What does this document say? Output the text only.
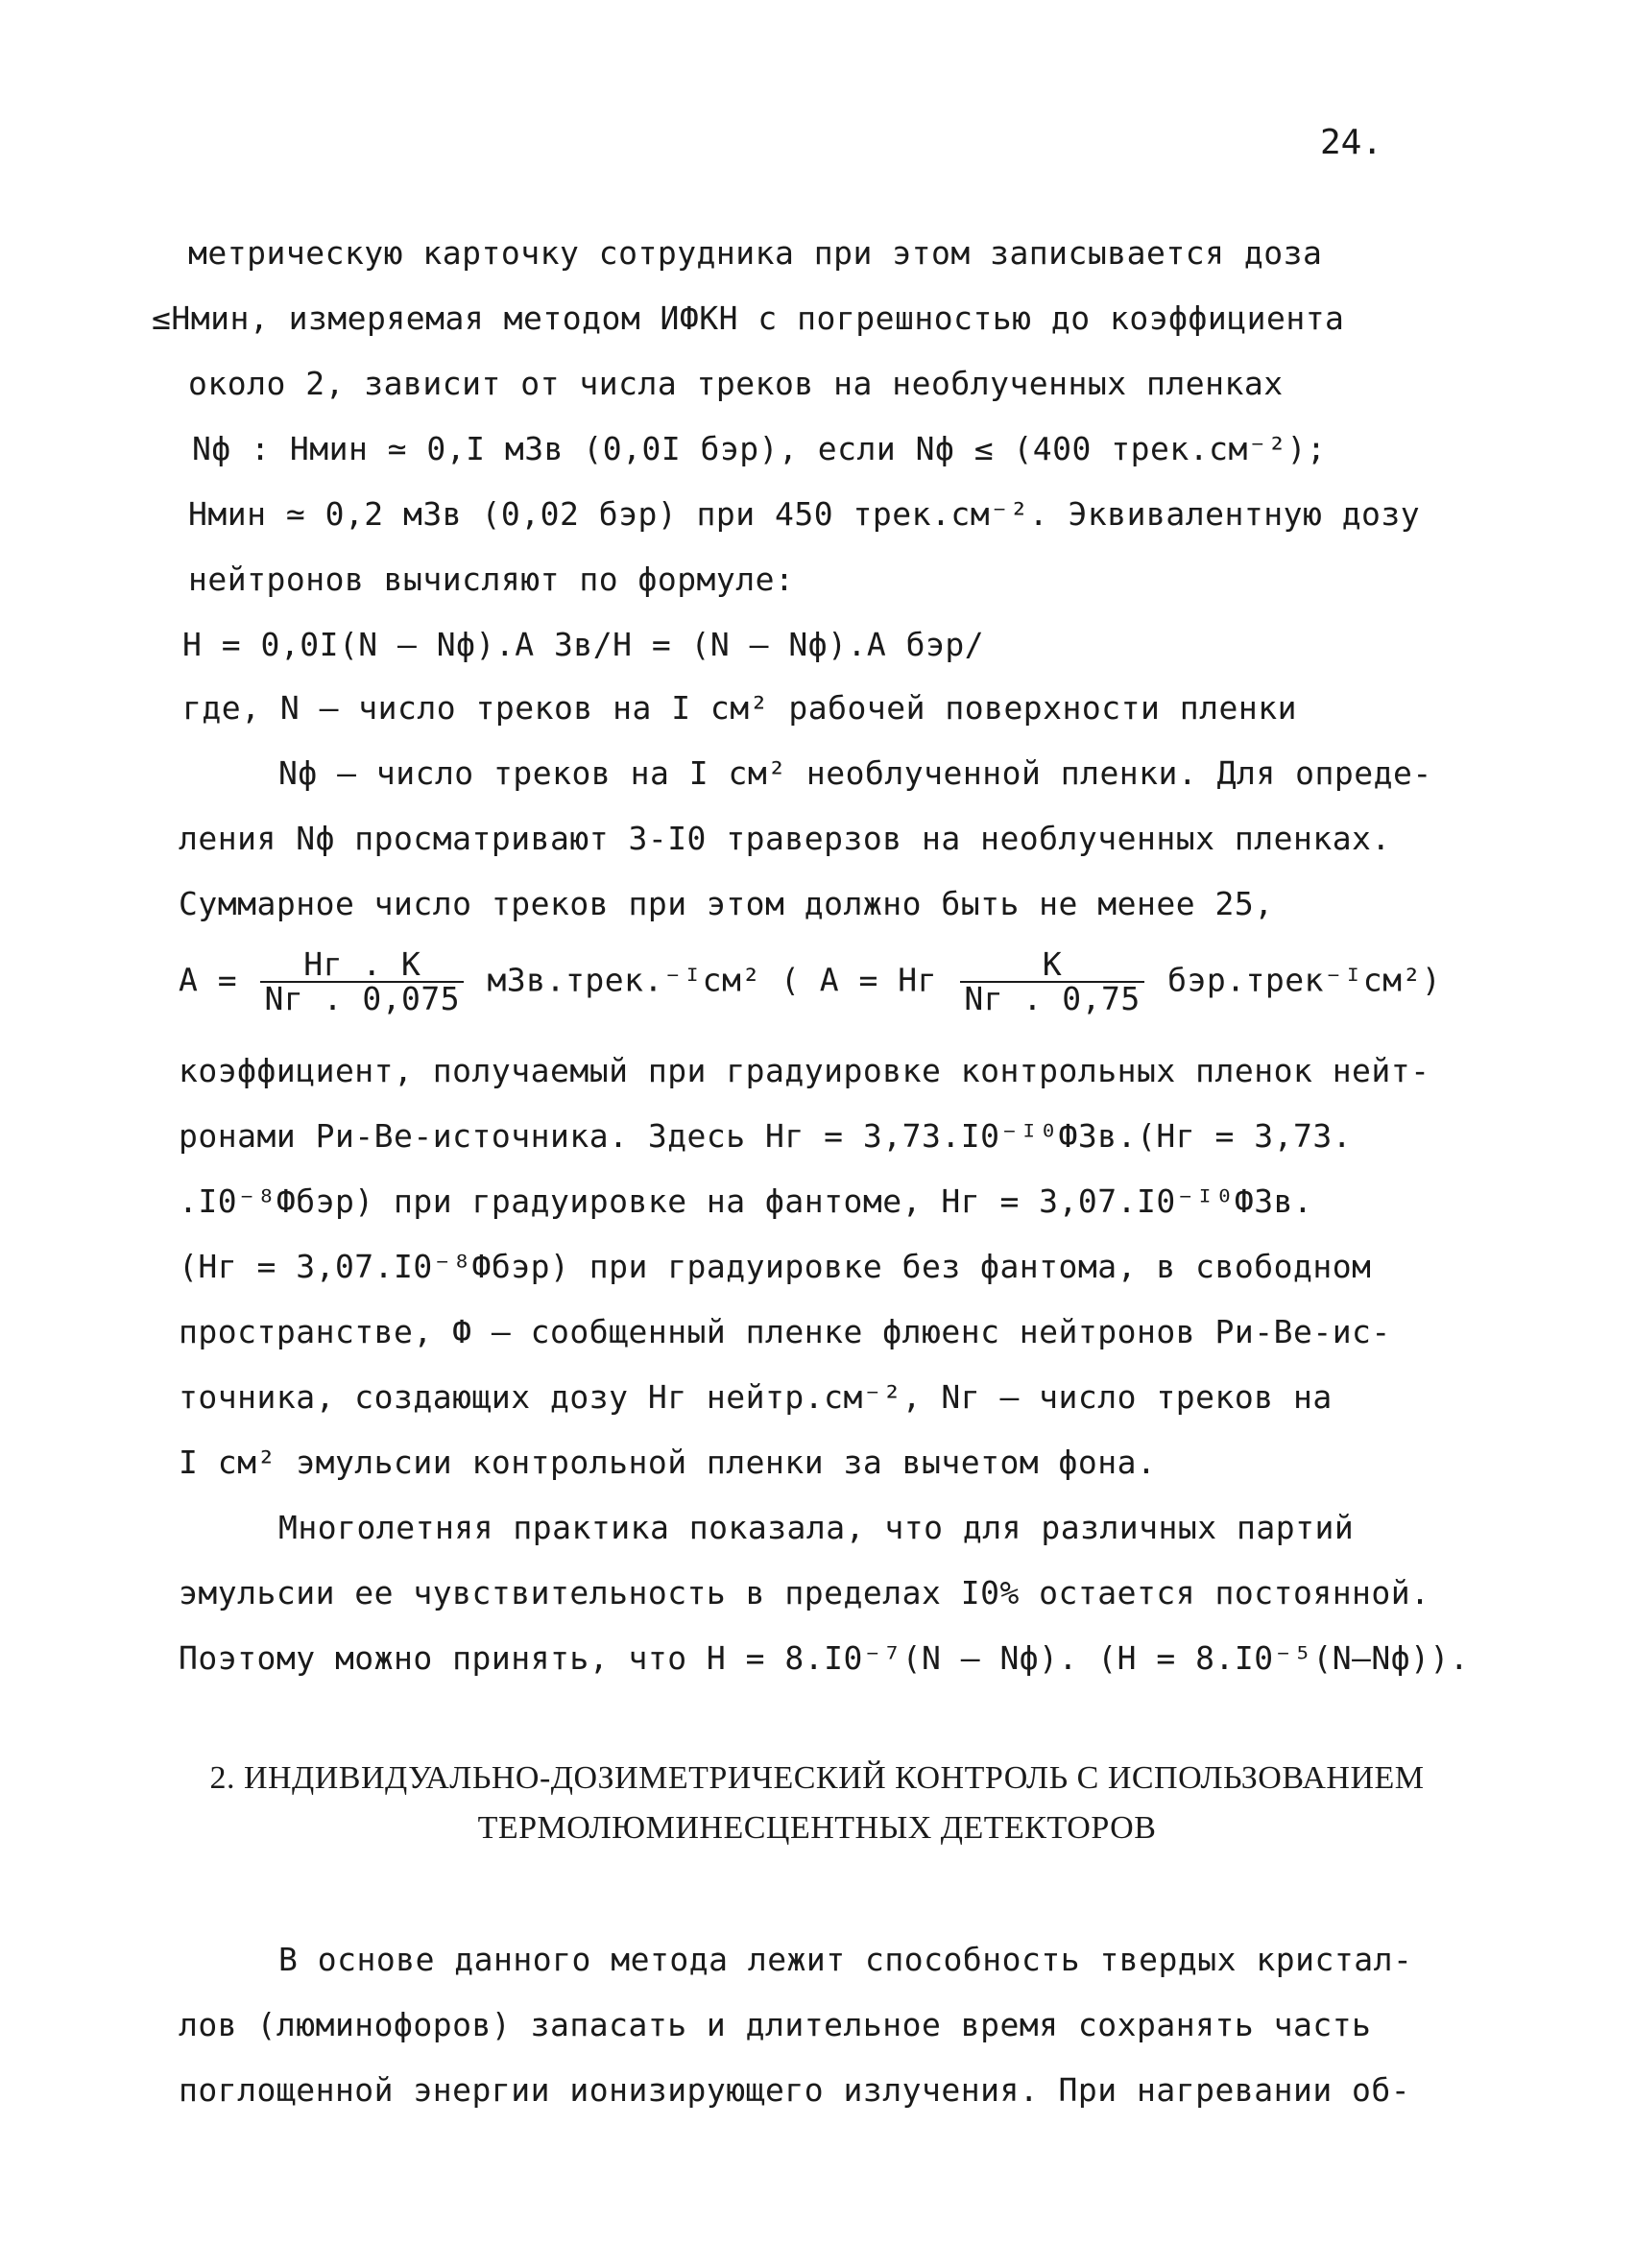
24.
метрическую карточку сотрудника при этом записывается доза
≤Hмин, измеряемая методом ИФКН с погрешностью до коэффициента
около 2, зависит от числа треков на необлученных пленках
Nф : Hмин ≃ 0,I мЗв (0,0I бэр), если Nф ≤ (400 трек.см⁻²);
Hмин ≃ 0,2 мЗв (0,02 бэр) при 450 трек.см⁻². Эквивалентную дозу
нейтронов вычисляют по формуле:
H = 0,0I(N – Nф).A Зв/H = (N – Nф).A бэр/
где, N – число треков на I см² рабочей поверхности пленки
Nф – число треков на I см² необлученной пленки. Для опреде-
ления Nф просматривают 3-I0 траверзов на необлученных пленках.
Суммарное число треков при этом должно быть не менее 25,
$A = \frac{Hг . К}{Nг . 0,075}$ мЗв.трек.⁻ᴵсм² ( A = Hг $\frac{К}{Nг . 0,75}$ бэр.трек⁻ᴵсм²)
коэффициент, получаемый при градуировке контрольных пленок нейт-
ронами Ри-Ве-источника. Здесь Hг = 3,73.I0⁻ᴵ⁰ФЗв.(Hг = 3,73.
.I0⁻⁸Фбэр) при градуировке на фантоме, Hг = 3,07.I0⁻ᴵ⁰ФЗв.
(Hг = 3,07.I0⁻⁸Фбэр) при градуировке без фантома, в свободном
пространстве, Ф – сообщенный пленке флюенс нейтронов Ри-Ве-ис-
точника, создающих дозу Hг нейтр.см⁻², Nг – число треков на
I см² эмульсии контрольной пленки за вычетом фона.
Многолетняя практика показала, что для различных партий
эмульсии ее чувствительность в пределах I0% остается постоянной.
Поэтому можно принять, что H = 8.I0⁻⁷(N – Nф). (H = 8.I0⁻⁵(N–Nф)).
2. ИНДИВИДУАЛЬНО-ДОЗИМЕТРИЧЕСКИЙ КОНТРОЛЬ С ИСПОЛЬЗОВАНИЕМ
ТЕРМОЛЮМИНЕСЦЕНТНЫХ ДЕТЕКТОРОВ
В основе данного метода лежит способность твердых кристал-
лов (люминофоров) запасать и длительное время сохранять часть
поглощенной энергии ионизирующего излучения. При нагревании об-
